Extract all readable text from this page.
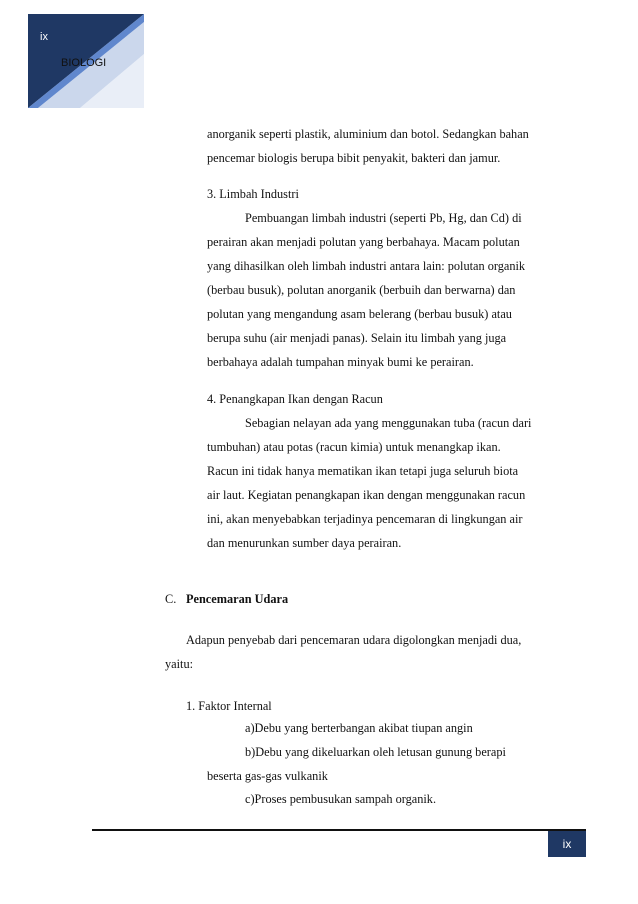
ix
BIOLOGI
anorganik seperti plastik, aluminium dan botol. Sedangkan bahan
pencemar biologis berupa bibit penyakit, bakteri dan jamur.
3. Limbah Industri
Pembuangan limbah industri (seperti Pb, Hg, dan Cd) di
perairan akan menjadi polutan yang berbahaya. Macam polutan
yang dihasilkan oleh limbah industri antara lain: polutan organik
(berbau busuk), polutan anorganik (berbuih dan berwarna) dan
polutan yang mengandung asam belerang (berbau busuk) atau
berupa suhu (air menjadi panas). Selain itu limbah yang juga
berbahaya adalah tumpahan minyak bumi ke perairan.
4. Penangkapan Ikan dengan Racun
Sebagian nelayan ada yang menggunakan tuba (racun dari
tumbuhan) atau potas (racun kimia) untuk menangkap ikan.
Racun ini tidak hanya mematikan ikan tetapi juga seluruh biota
air laut. Kegiatan penangkapan ikan dengan menggunakan racun
ini, akan menyebabkan terjadinya pencemaran di lingkungan air
dan menurunkan sumber daya perairan.
C. Pencemaran Udara
Adapun penyebab dari pencemaran udara digolongkan menjadi dua,
yaitu:
1. Faktor Internal
a)Debu yang berterbangan akibat tiupan angin
b)Debu yang dikeluarkan oleh letusan gunung berapi
beserta gas-gas vulkanik
c)Proses pembusukan sampah organik.
ix
